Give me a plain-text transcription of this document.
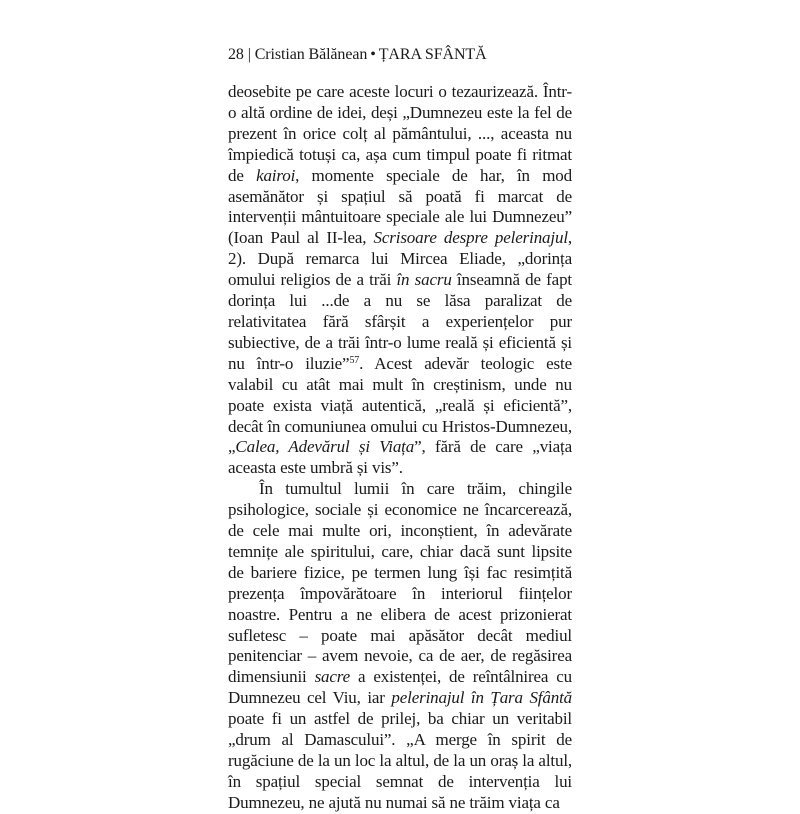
28 | Cristian Bălănean • ȚARA SFÂNTĂ

deosebite pe care aceste locuri o tezaurizează. Într-o altă ordine de idei, deși „Dumnezeu este la fel de prezent în orice colț al pământului, ..., aceasta nu împiedică totuși ca, așa cum timpul poate fi ritmat de kairoi, momente speciale de har, în mod asemănător și spațiul să poată fi marcat de intervenții mântuitoare speciale ale lui Dumnezeu” (Ioan Paul al II-lea, Scrisoare despre pelerinajul, 2). După remarca lui Mircea Eliade, „dorința omului religios de a trăi în sacru înseamnă de fapt dorința lui ...de a nu se lăsa paralizat de relativitatea fără sfârșit a experiențelor pur subiective, de a trăi într-o lume reală și eficientă și nu într-o iluzie”$^{57}$. Acest adevăr teologic este valabil cu atât mai mult în creștinism, unde nu poate exista viață autentică, „reală și eficientă”, decât în comuniunea omului cu Hristos-Dumnezeu, „Calea, Adevărul și Viața”, fără de care „viața aceasta este umbră și vis”.

În tumultul lumii în care trăim, chingile psihologice, sociale și economice ne încarcerează, de cele mai multe ori, inconștient, în adevărate temnițe ale spiritului, care, chiar dacă sunt lipsite de bariere fizice, pe termen lung își fac resimțită prezența împovărătoare în interiorul ființelor noastre. Pentru a ne elibera de acest prizonierat sufletesc – poate mai apăsător decât mediul penitenciar – avem nevoie, ca de aer, de regăsirea dimensiunii sacre a existenței, de reîntâlnirea cu Dumnezeu cel Viu, iar pelerinajul în Țara Sfântă poate fi un astfel de prilej, ba chiar un veritabil „drum al Damascului”. „A merge în spirit de rugăciune de la un loc la altul, de la un oraș la altul, în spațiul special semnat de intervenția lui Dumnezeu, ne ajută nu numai să ne trăim viața ca
